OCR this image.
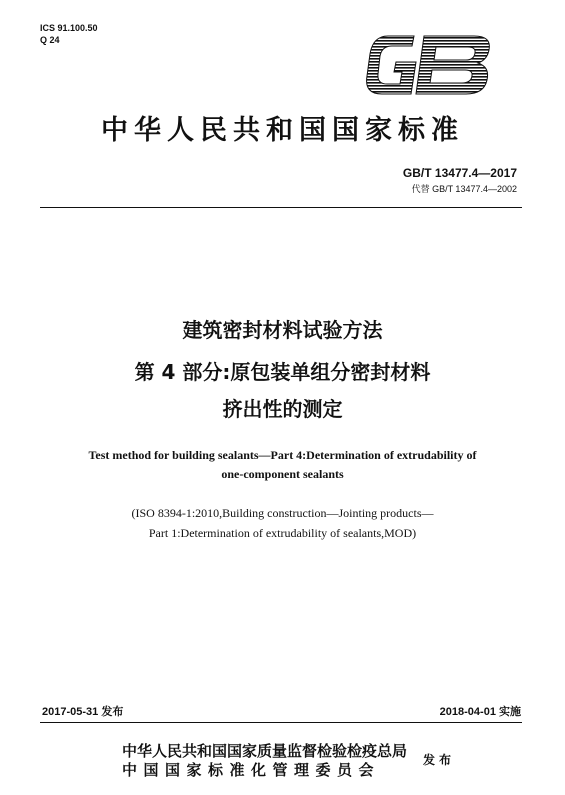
ICS 91.100.50
Q 24
GB
中华人民共和国国家标准
GB/T 13477.4—2017
代替 GB/T 13477.4—2002
建筑密封材料试验方法
第 4 部分:原包装单组分密封材料
挤出性的测定
Test method for building sealants—Part 4:Determination of extrudability of
one-component sealants
(ISO 8394-1:2010,Building construction—Jointing products—
Part 1:Determination of extrudability of sealants,MOD)
2017-05-31 发布	2018-04-01 实施
中华人民共和国国家质量监督检验检疫总局
中国国家标准化管理委员会
发布
